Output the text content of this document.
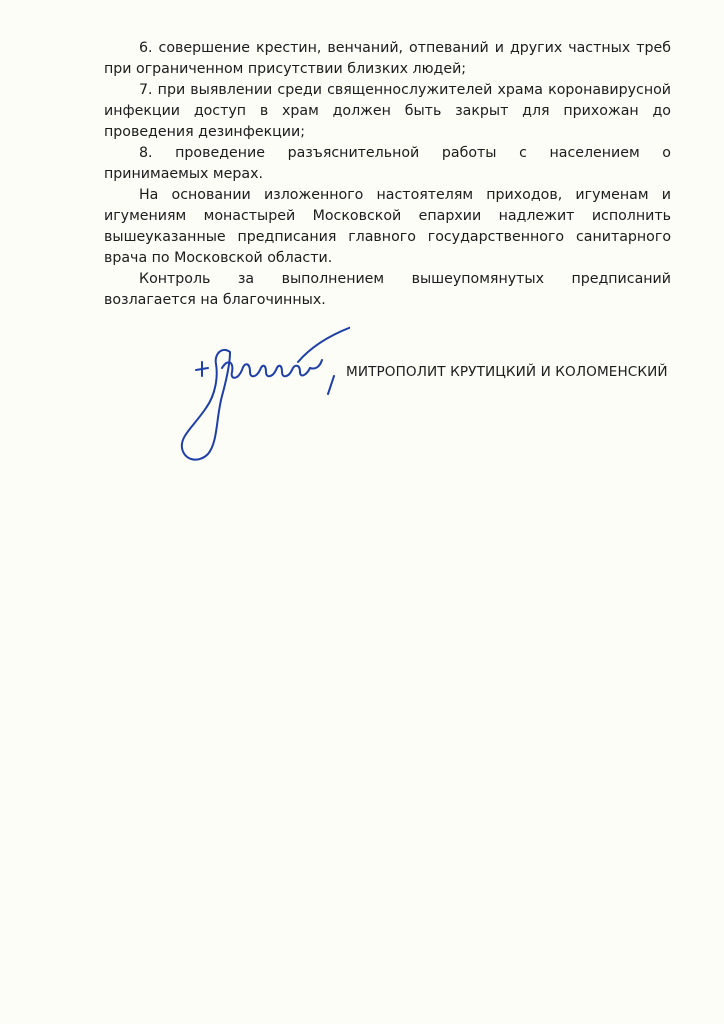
6. совершение крестин, венчаний, отпеваний и других частных треб при ограниченном присутствии близких людей;

7. при выявлении среди священнослужителей храма коронавирусной инфекции доступ в храм должен быть закрыт для прихожан до проведения дезинфекции;

8. проведение разъяснительной работы с населением о принимаемых мерах.

На основании изложенного настоятелям приходов, игуменам и игумениям монастырей Московской епархии надлежит исполнить вышеуказанные предписания главного государственного санитарного врача по Московской области.

Контроль за выполнением вышеупомянутых предписаний возлагается на благочинных.

МИТРОПОЛИТ КРУТИЦКИЙ И КОЛОМЕНСКИЙ
